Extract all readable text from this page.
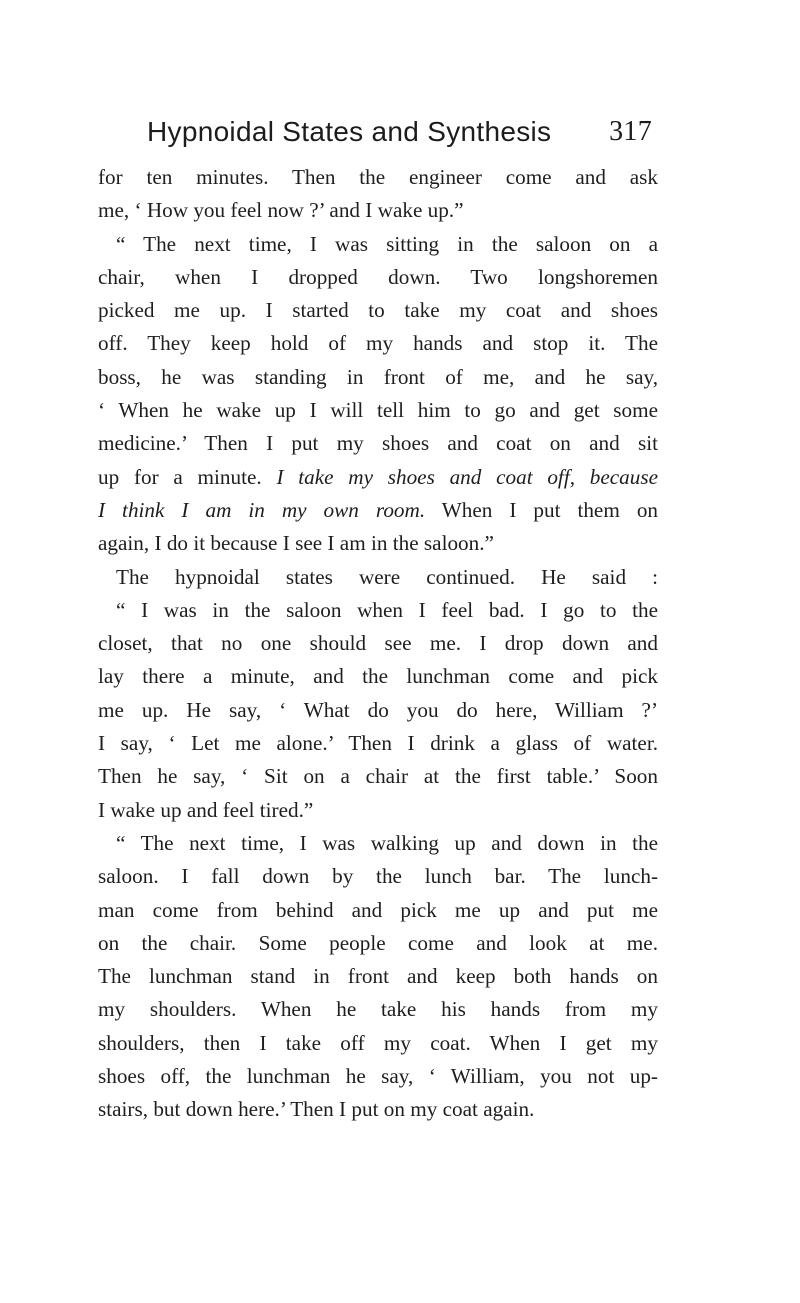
Hypnoidal States and Synthesis 317
for ten minutes. Then the engineer come and ask
me, ‘ How you feel now ?’ and I wake up.”
“ The next time, I was sitting in the saloon on a
chair, when I dropped down. Two longshoremen
picked me up. I started to take my coat and shoes
off. They keep hold of my hands and stop it. The
boss, he was standing in front of me, and he say,
‘ When he wake up I will tell him to go and get some
medicine.’ Then I put my shoes and coat on and sit
up for a minute. I take my shoes and coat off, because
I think I am in my own room. When I put them on
again, I do it because I see I am in the saloon.”
The hypnoidal states were continued. He said :
“ I was in the saloon when I feel bad. I go to the
closet, that no one should see me. I drop down and
lay there a minute, and the lunchman come and pick
me up. He say, ‘ What do you do here, William ?’
I say, ‘ Let me alone.’ Then I drink a glass of water.
Then he say, ‘ Sit on a chair at the first table.’ Soon
I wake up and feel tired.”
“ The next time, I was walking up and down in the
saloon. I fall down by the lunch bar. The lunch-
man come from behind and pick me up and put me
on the chair. Some people come and look at me.
The lunchman stand in front and keep both hands on
my shoulders. When he take his hands from my
shoulders, then I take off my coat. When I get my
shoes off, the lunchman he say, ‘ William, you not up-
stairs, but down here.’ Then I put on my coat again.
